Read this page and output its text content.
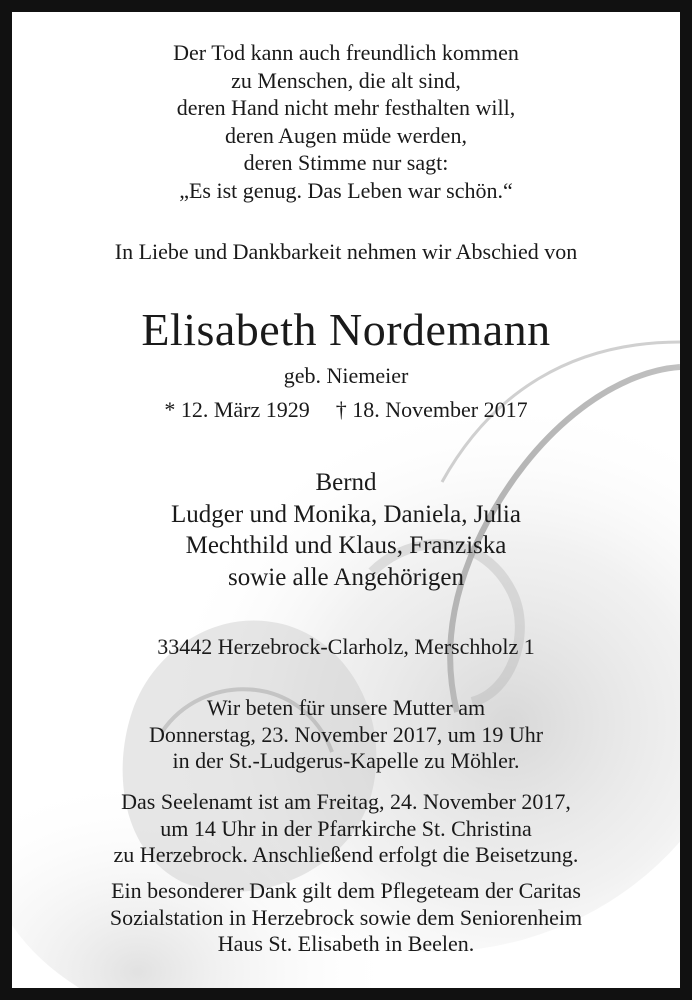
Der Tod kann auch freundlich kommen
zu Menschen, die alt sind,
deren Hand nicht mehr festhalten will,
deren Augen müde werden,
deren Stimme nur sagt:
„Es ist genug. Das Leben war schön.“
In Liebe und Dankbarkeit nehmen wir Abschied von
Elisabeth Nordemann
geb. Niemeier
* 12. März 1929 † 18. November 2017
Bernd
Ludger und Monika, Daniela, Julia
Mechthild und Klaus, Franziska
sowie alle Angehörigen
33442 Herzebrock-Clarholz, Merschholz 1
Wir beten für unsere Mutter am
Donnerstag, 23. November 2017, um 19 Uhr
in der St.-Ludgerus-Kapelle zu Möhler.
Das Seelenamt ist am Freitag, 24. November 2017,
um 14 Uhr in der Pfarrkirche St. Christina
zu Herzebrock. Anschließend erfolgt die Beisetzung.
Ein besonderer Dank gilt dem Pflegeteam der Caritas
Sozialstation in Herzebrock sowie dem Seniorenheim
Haus St. Elisabeth in Beelen.
